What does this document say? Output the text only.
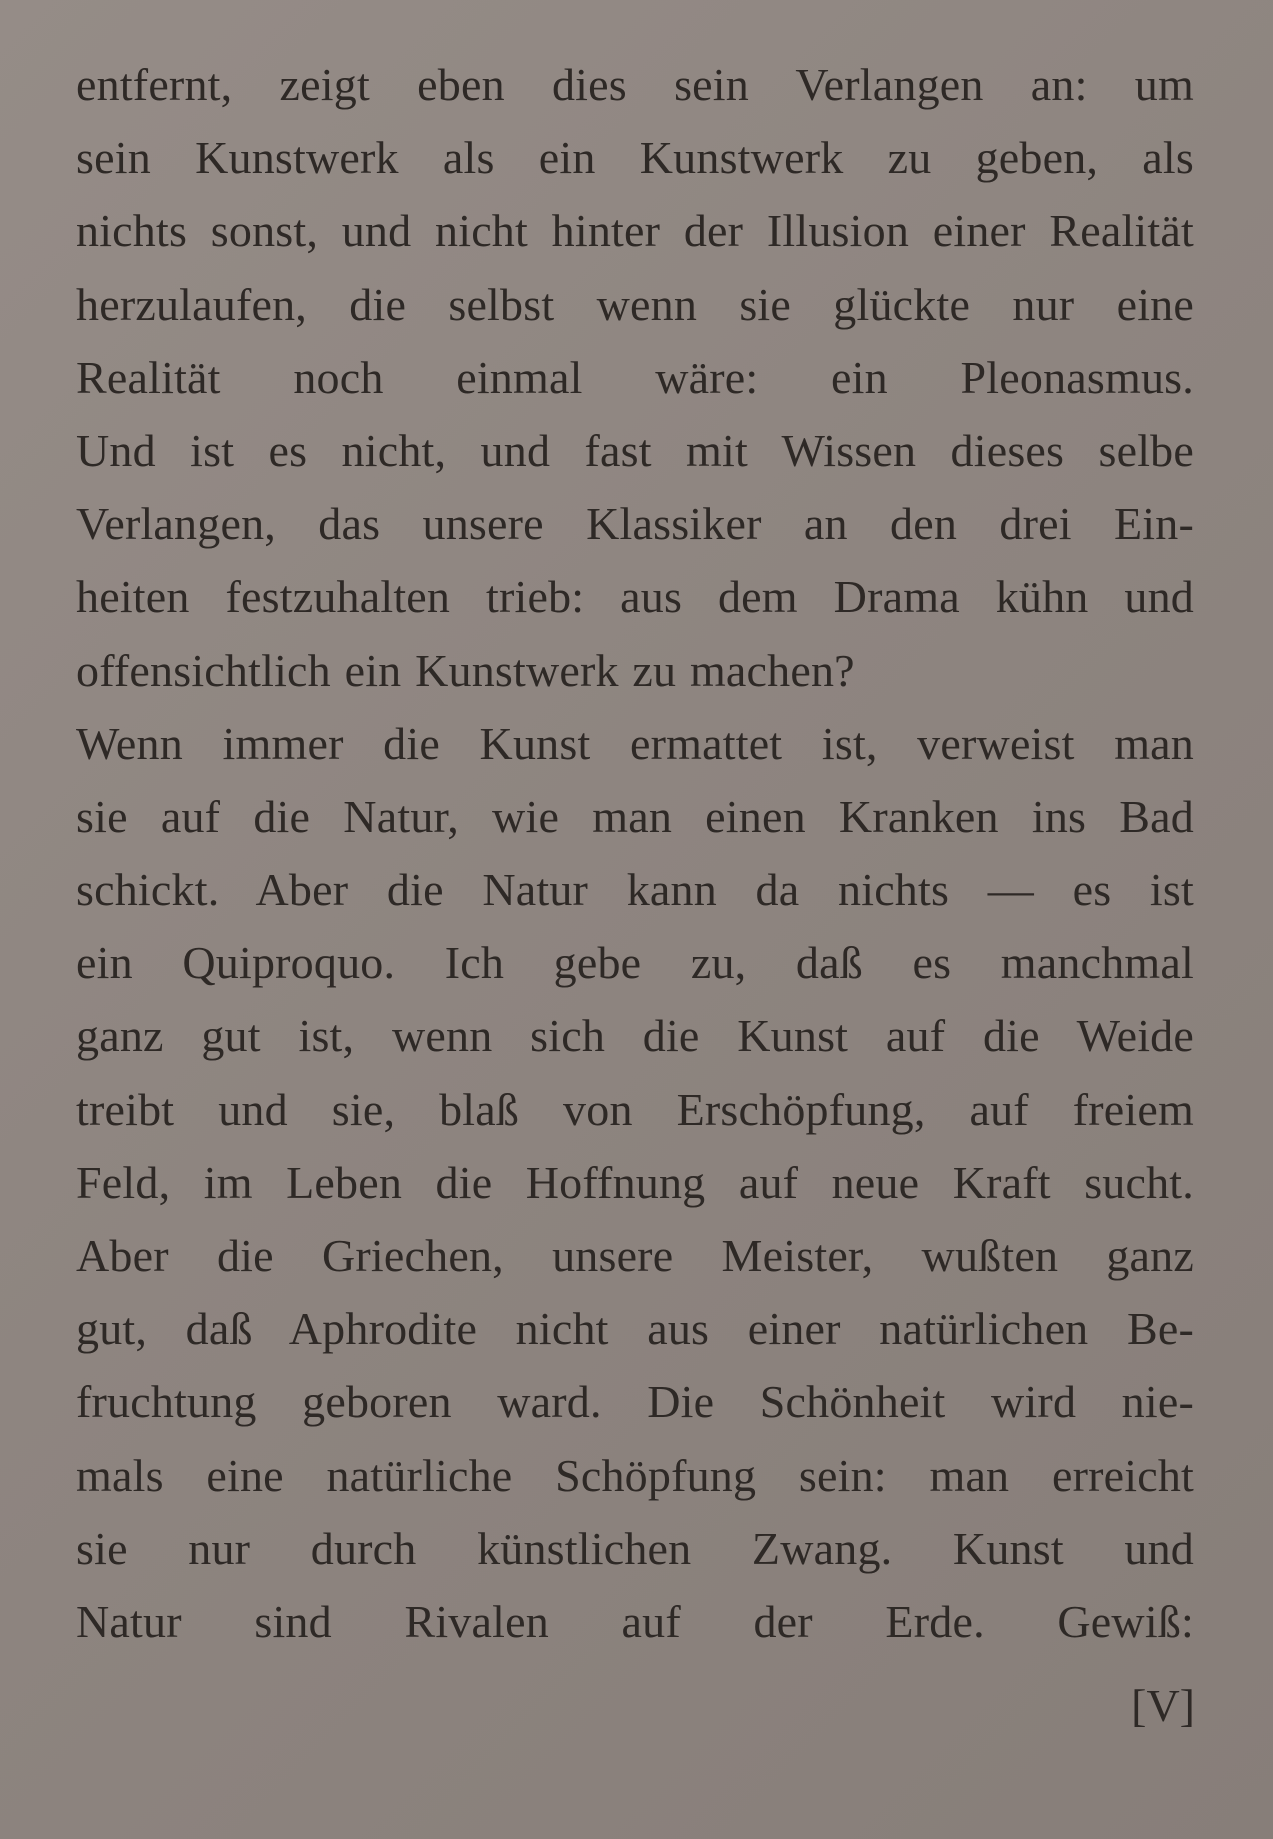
entfernt, zeigt eben dies sein Verlangen an: um
sein Kunstwerk als ein Kunstwerk zu geben, als
nichts sonst, und nicht hinter der Illusion einer Realität
herzulaufen, die selbst wenn sie glückte nur eine
Realität noch einmal wäre: ein Pleonasmus.
Und ist es nicht, und fast mit Wissen dieses selbe
Verlangen, das unsere Klassiker an den drei Ein-
heiten festzuhalten trieb: aus dem Drama kühn und
offensichtlich ein Kunstwerk zu machen?
Wenn immer die Kunst ermattet ist, verweist man
sie auf die Natur, wie man einen Kranken ins Bad
schickt. Aber die Natur kann da nichts — es ist
ein Quiproquo. Ich gebe zu, daß es manchmal
ganz gut ist, wenn sich die Kunst auf die Weide
treibt und sie, blaß von Erschöpfung, auf freiem
Feld, im Leben die Hoffnung auf neue Kraft sucht.
Aber die Griechen, unsere Meister, wußten ganz
gut, daß Aphrodite nicht aus einer natürlichen Be-
fruchtung geboren ward. Die Schönheit wird nie-
mals eine natürliche Schöpfung sein: man erreicht
sie nur durch künstlichen Zwang. Kunst und
Natur sind Rivalen auf der Erde. Gewiß:
[V]
